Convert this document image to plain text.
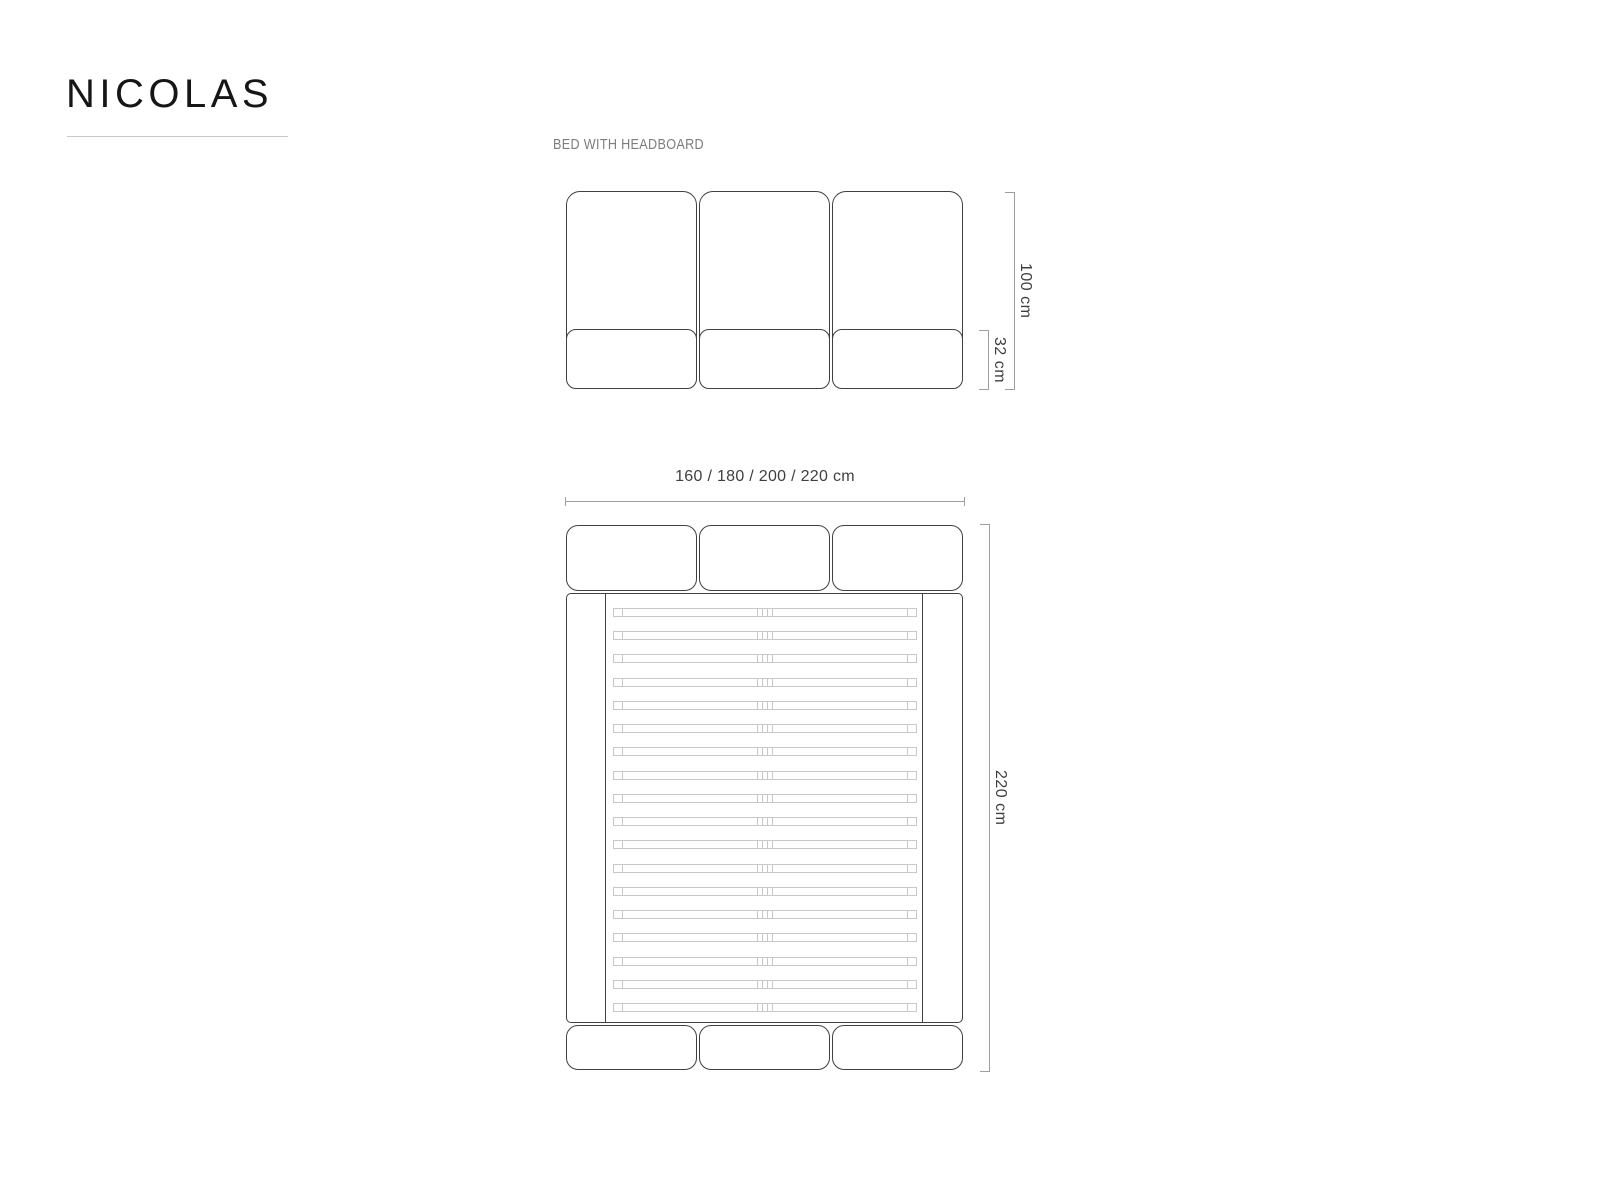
NICOLAS
BED WITH HEADBOARD
100 cm
32 cm
160 / 180 / 200 / 220 cm
220 cm
